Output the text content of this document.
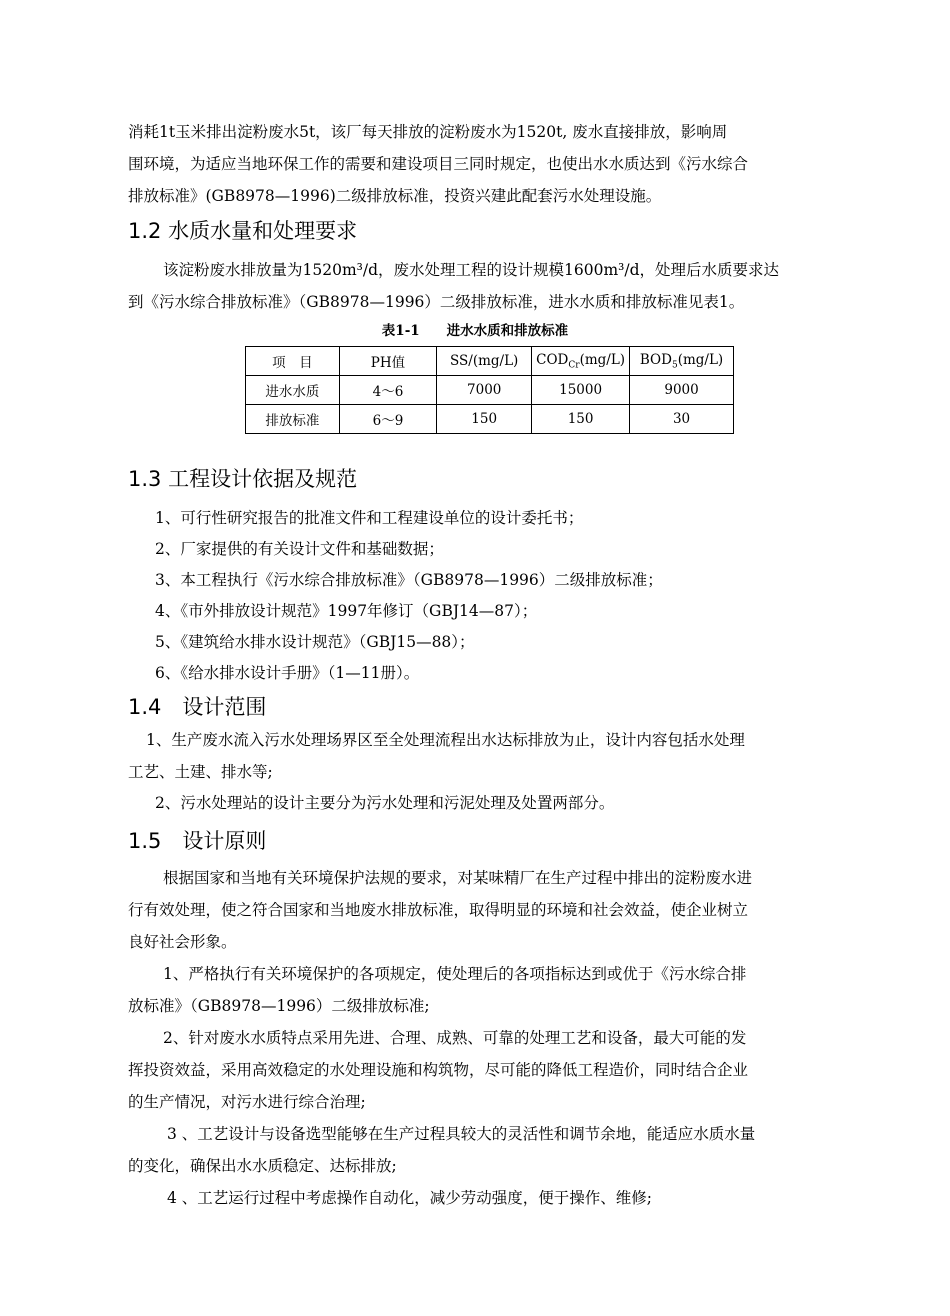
消耗1t玉米排出淀粉废水5t，该厂每天排放的淀粉废水为1520t, 废水直接排放，影响周
围环境，为适应当地环保工作的需要和建设项目三同时规定，也使出水水质达到《污水综合
排放标准》(GB8978—1996)二级排放标准，投资兴建此配套污水处理设施。
1.2 水质水量和处理要求
该淀粉废水排放量为1520m³/d，废水处理工程的设计规模1600m³/d，处理后水质要求达
到《污水综合排放标准》（GB8978—1996）二级排放标准，进水水质和排放标准见表1。
表1-1　　进水水质和排放标准
项　目	PH值	SS/(mg/L)	$COD_{Cr}(mg/L)$	$BOD_5(mg/L)$
进水水质	4～6	7000	15000	9000
排放标准	6～9	150	150	30
1.3 工程设计依据及规范
1、可行性研究报告的批准文件和工程建设单位的设计委托书；
2、厂家提供的有关设计文件和基础数据；
3、本工程执行《污水综合排放标准》（GB8978—1996）二级排放标准；
4、《市外排放设计规范》1997年修订（GBJ14—87）；
5、《建筑给水排水设计规范》（GBJ15—88）；
6、《给水排水设计手册》（1—11册）。
1.4　设计范围
1、生产废水流入污水处理场界区至全处理流程出水达标排放为止，设计内容包括水处理
工艺、土建、排水等;
2、污水处理站的设计主要分为污水处理和污泥处理及处置两部分。
1.5　设计原则
根据国家和当地有关环境保护法规的要求，对某味精厂在生产过程中排出的淀粉废水进
行有效处理，使之符合国家和当地废水排放标准，取得明显的环境和社会效益，使企业树立
良好社会形象。
1、严格执行有关环境保护的各项规定，使处理后的各项指标达到或优于《污水综合排
放标准》（GB8978—1996）二级排放标准;
2、针对废水水质特点采用先进、合理、成熟、可靠的处理工艺和设备，最大可能的发
挥投资效益，采用高效稳定的水处理设施和构筑物，尽可能的降低工程造价，同时结合企业
的生产情况，对污水进行综合治理;
3 、工艺设计与设备选型能够在生产过程具较大的灵活性和调节余地，能适应水质水量
的变化，确保出水水质稳定、达标排放;
4 、工艺运行过程中考虑操作自动化，减少劳动强度，便于操作、维修;
